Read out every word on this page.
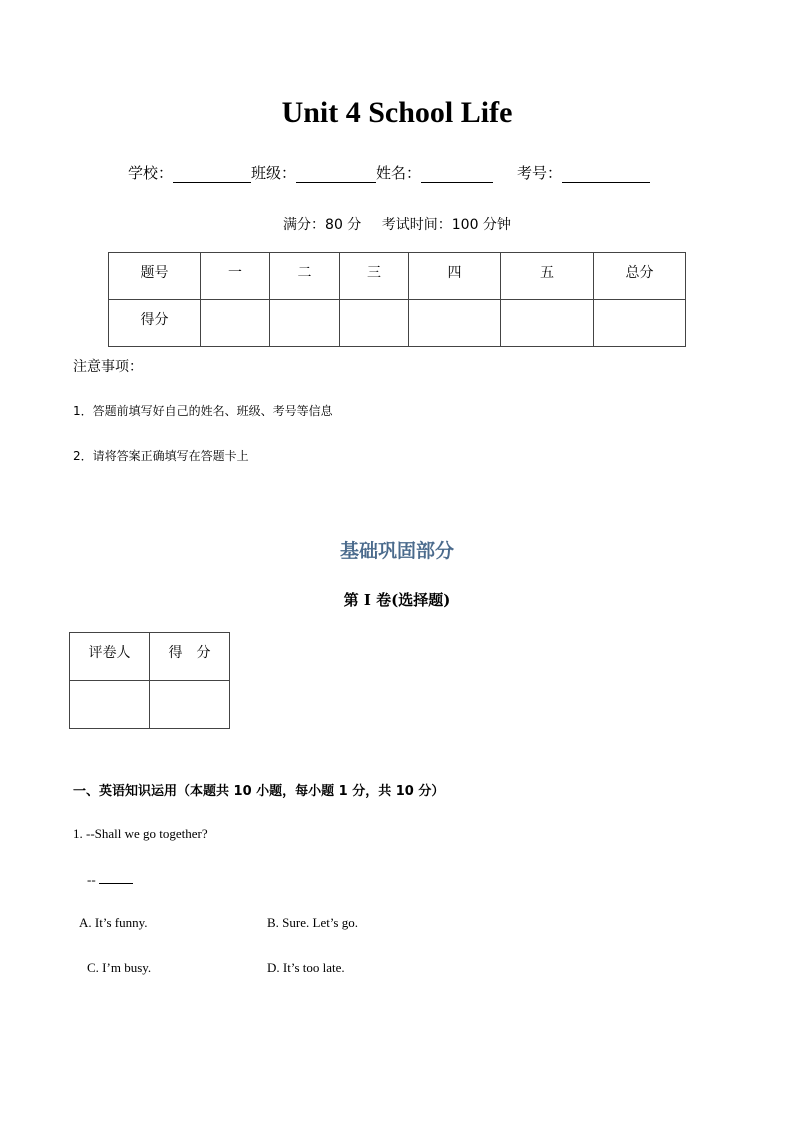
Unit 4 School Life
学校：	班级：	姓名：	考号：
满分：80 分 考试时间：100 分钟
题号	一	二	三	四	五	总分
得分						
注意事项：
1．答题前填写好自己的姓名、班级、考号等信息
2．请将答案正确填写在答题卡上
基础巩固部分
第 I 卷(选择题)
评卷人	得　分

一、英语知识运用（本题共 10 小题，每小题 1 分，共 10 分）
1. --Shall we go together?
--
A. It’s funny.	B. Sure. Let’s go.
C. I’m busy.	D. It’s too late.
